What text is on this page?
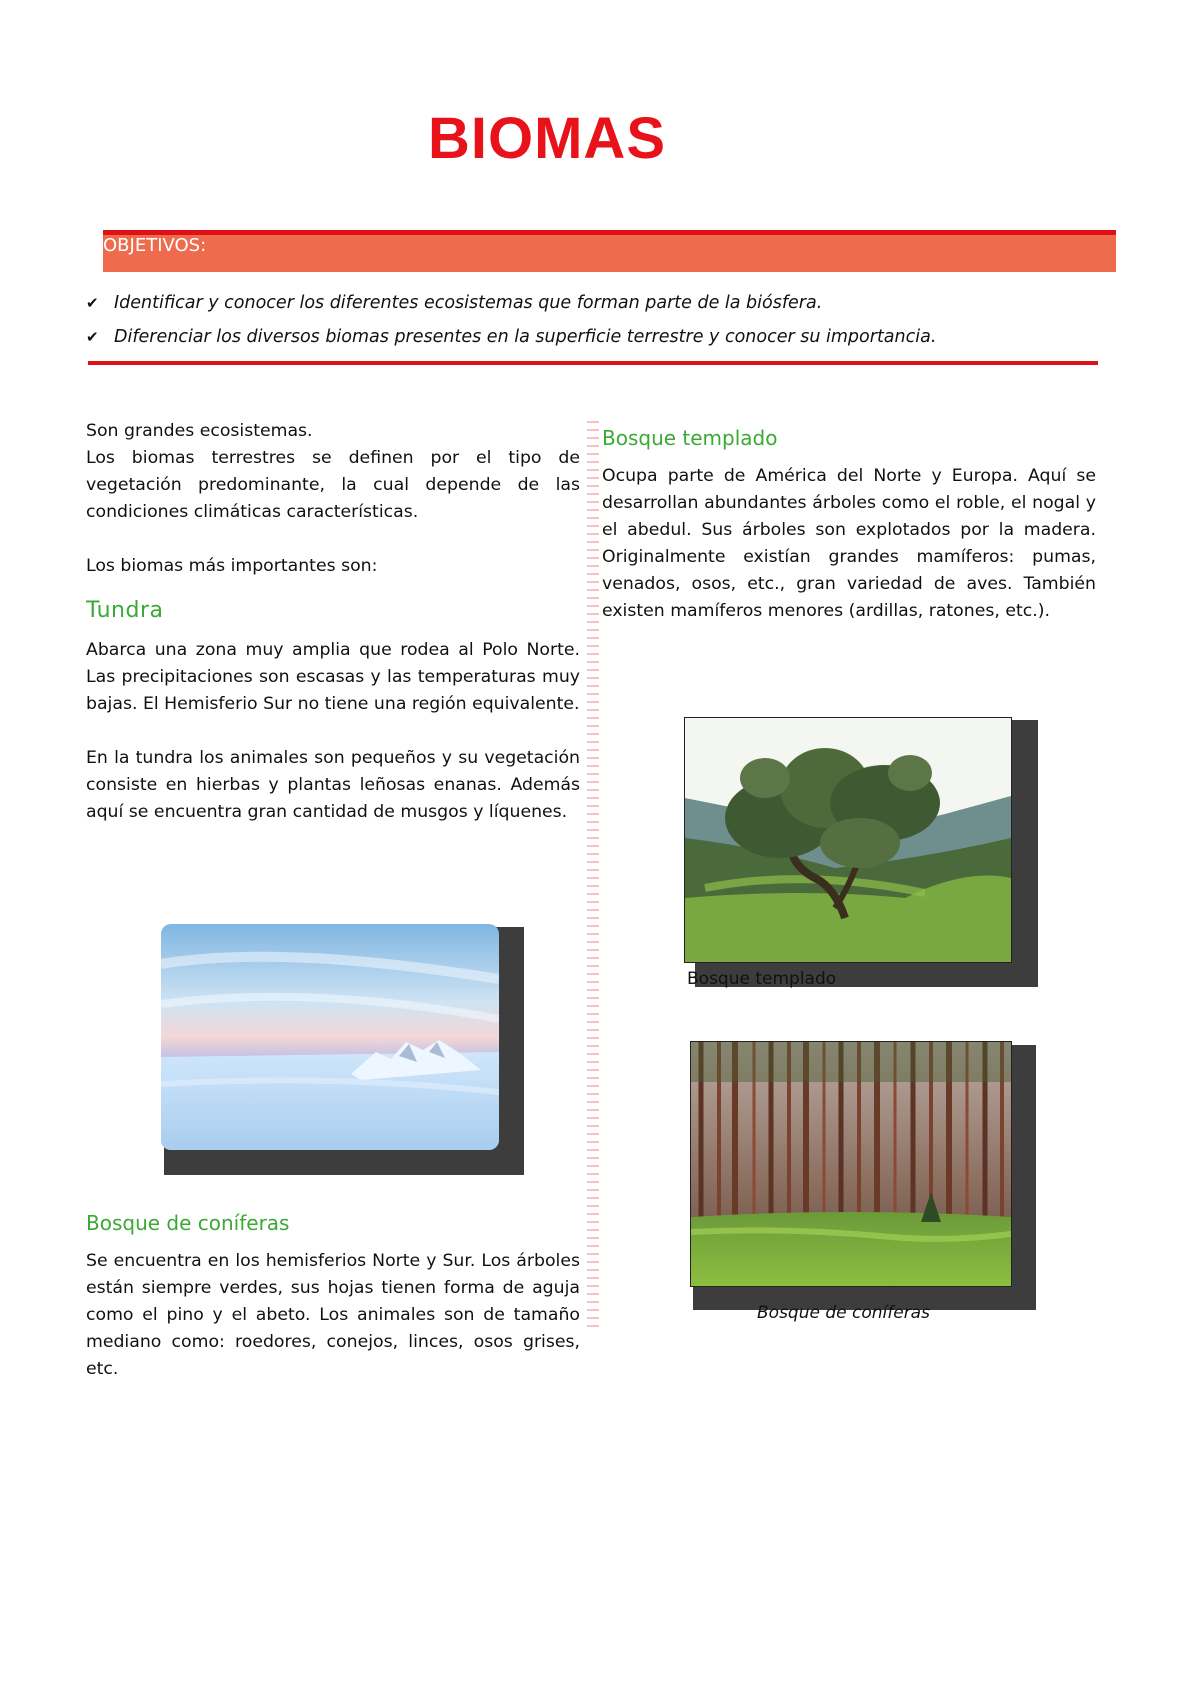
BIOMAS
OBJETIVOS:
✔ Identificar y conocer los diferentes ecosistemas que forman parte de la biósfera.
✔ Diferenciar los diversos biomas presentes en la superficie terrestre y conocer su importancia.

Son grandes ecosistemas.

Los biomas terrestres se definen por el tipo de vegetación predominante, la cual depende de las condiciones climáticas características.

Los biomas más importantes son:

Tundra

Abarca una zona muy amplia que rodea al Polo Norte. Las precipitaciones son escasas y las temperaturas muy bajas. El Hemisferio Sur no tiene una región equivalente.

En la tundra los animales son pequeños y su vegetación consiste en hierbas y plantas leñosas enanas. Además aquí se encuentra gran cantidad de musgos y líquenes.

Bosque de coníferas

Se encuentra en los hemisferios Norte y Sur. Los árboles están siempre verdes, sus hojas tienen forma de aguja como el pino y el abeto. Los animales son de tamaño mediano como: roedores, conejos, linces, osos grises, etc.

Bosque templado

Ocupa parte de América del Norte y Europa. Aquí se desarrollan abundantes árboles como el roble, el nogal y el abedul. Sus árboles son explotados por la madera. Originalmente existían grandes mamíferos: pumas, venados, osos, etc., gran variedad de aves. También existen mamíferos menores (ardillas, ratones, etc.).

Bosque templado
Bosque de coníferas
